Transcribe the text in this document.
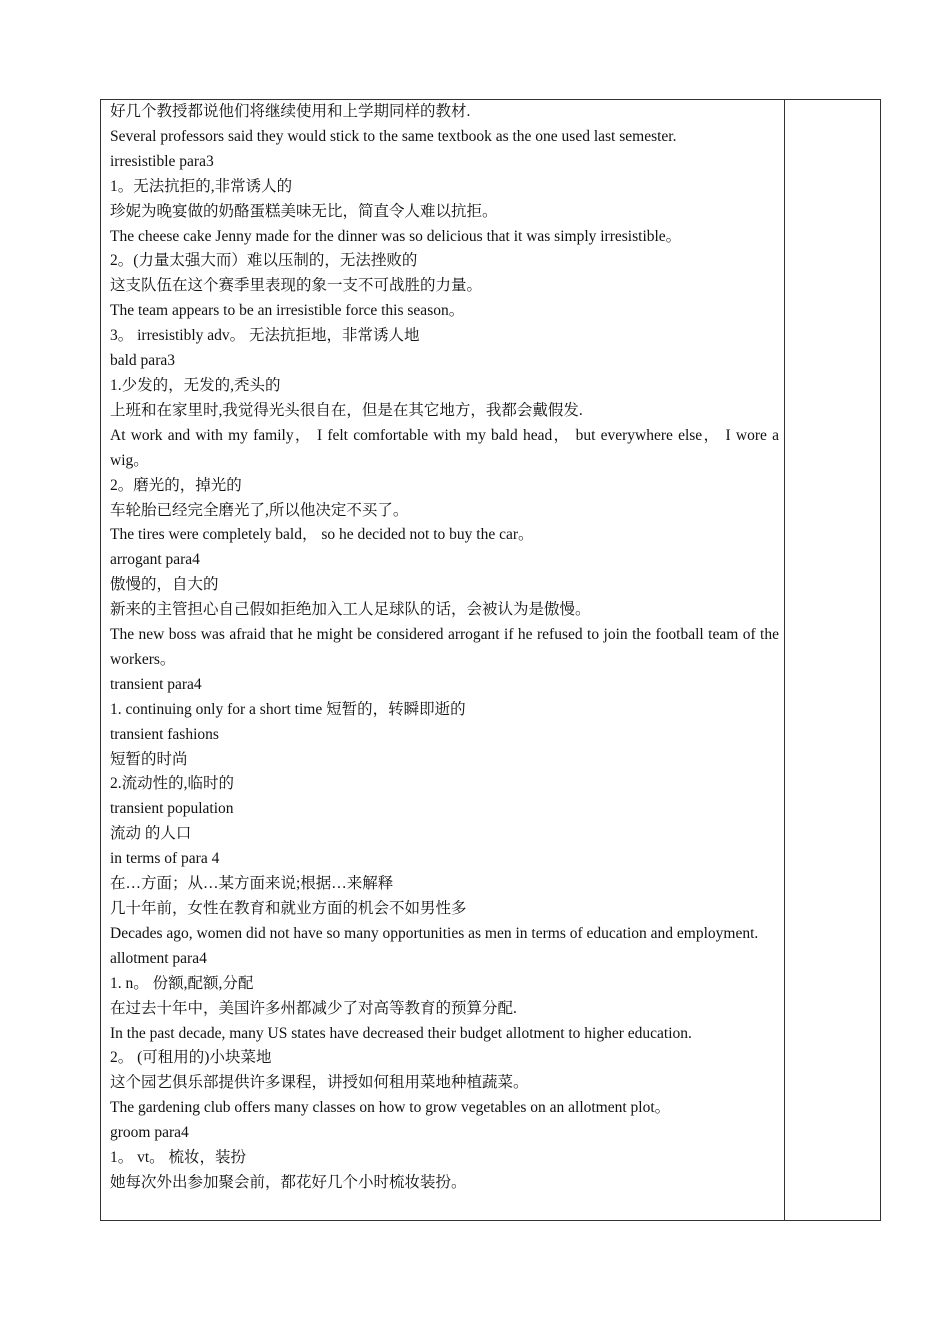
好几个教授都说他们将继续使用和上学期同样的教材.

Several professors said they would stick to the same textbook as the one used last semester.

irresistible para3

1。无法抗拒的,非常诱人的

珍妮为晚宴做的奶酪蛋糕美味无比，简直令人难以抗拒。

The cheese cake Jenny made for the dinner was so delicious that it was simply irresistible。

2。(力量太强大而）难以压制的，无法挫败的

这支队伍在这个赛季里表现的象一支不可战胜的力量。

The team appears to be an irresistible force this season。

3。 irresistibly adv。 无法抗拒地，非常诱人地

bald para3

1.少发的，无发的,秃头的

上班和在家里时,我觉得光头很自在，但是在其它地方，我都会戴假发.

At work and with my family， I felt comfortable with my bald head， but everywhere else， I wore a wig。

2。磨光的，掉光的

车轮胎已经完全磨光了,所以他决定不买了。

The tires were completely bald， so he decided not to buy the car。

arrogant para4

傲慢的，自大的

新来的主管担心自己假如拒绝加入工人足球队的话，会被认为是傲慢。

The new boss was afraid that he might be considered arrogant if he refused to join the football team of the workers。

transient para4

1. continuing only for a short time 短暂的，转瞬即逝的

transient fashions

短暂的时尚

2.流动性的,临时的

transient population

流动 的人口

in terms of para 4

在…方面；从…某方面来说;根据…来解释

几十年前，女性在教育和就业方面的机会不如男性多

Decades ago, women did not have so many opportunities as men in terms of education and employment.

allotment para4

1. n。 份额,配额,分配

在过去十年中，美国许多州都减少了对高等教育的预算分配.

In the past decade, many US states have decreased their budget allotment to higher education.

2。 (可租用的)小块菜地

这个园艺俱乐部提供许多课程，讲授如何租用菜地种植蔬菜。

The gardening club offers many classes on how to grow vegetables on an allotment plot。

groom para4

1。 vt。 梳妆，装扮

她每次外出参加聚会前，都花好几个小时梳妆装扮。
